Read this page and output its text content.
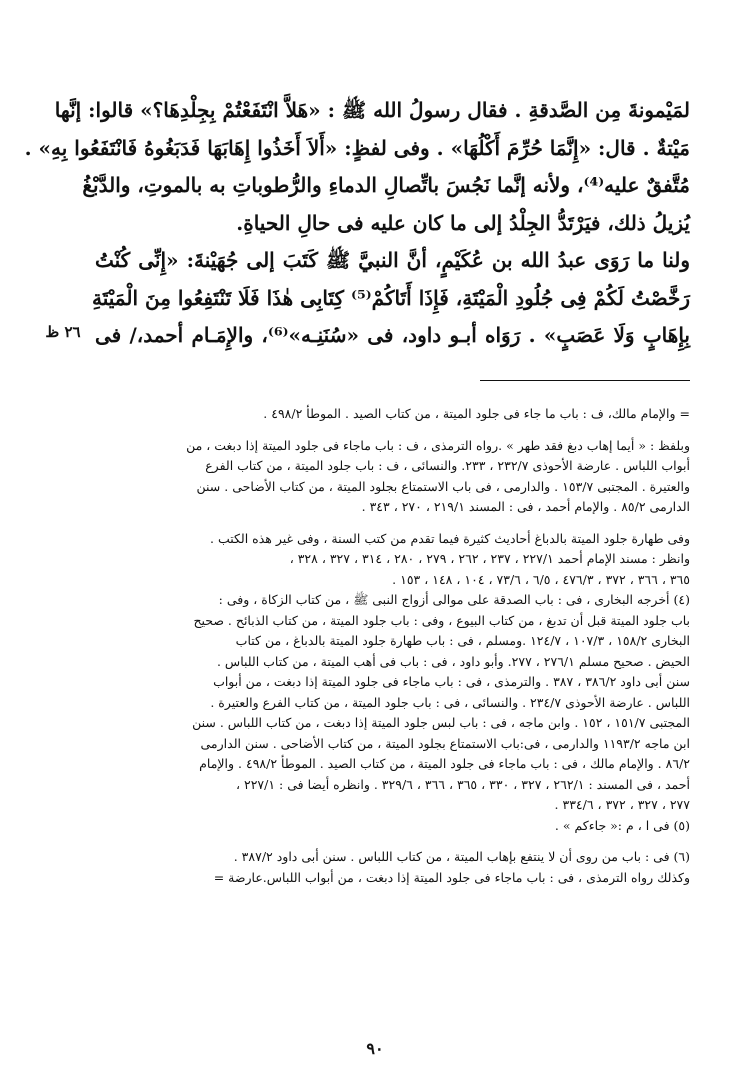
لمَيْمونةَ مِن الصَّدقةِ . فقال رسولُ الله ﷺ : «هَلاَّ انْتَفَعْتُمْ بِجِلْدِهَا؟» قالوا: إنَّها
مَيْتةٌ . قال: «إِنَّمَا حُرِّمَ أَكْلُهَا» . وفى لفظٍ: «أَلاَ أَخَذُوا إِهَابَهَا فَدَبَغُوهُ فَانْتَفَعُوا بِهِ» .
مُتَّفقٌ عليه⁽⁴⁾، ولأنه إنَّما نَجُسَ باتِّصالِ الدماءِ والرُّطوباتِ به بالموتِ، والدَّبْغُ
يُزيلُ ذلك، فيَرْتَدُّ الجِلْدُ إلى ما كان عليه فى حالِ الحياةِ.
ولنا ما رَوَى عبدُ الله بن عُكَيْمٍ، أنَّ النبيَّ ﷺ كَتَبَ إلى جُهَيْنةَ: «إِنِّى كُنْتُ
رَخَّصْتُ لَكُمْ فِى جُلُودِ الْمَيْتَةِ، فَإِذَا أَتَاكُمْ⁽⁵⁾ كِتَابِى هٰذَا فَلَا تَنْتَفِعُوا مِنَ الْمَيْتَةِ
بِإِهَابٍ وَلَا عَصَبٍ» . رَوَاه أبـو داود، فى «سُنَنِـه»⁽⁶⁾، والإِمَـام أحمد،/ فى
٢٦ ظ
= والإمام مالك، ف : باب ما جاء فى جلود الميتة ، من كتاب الصيد . الموطأ ٤٩٨/٢ .
وبلفظ : « أيما إهاب دبغ فقد طهر » .رواه الترمذى ، ف : باب ماجاء فى جلود الميتة إذا دبغت ، من
أبواب اللباس . عارضة الأحوذى ٢٣٢/٧ ، ٢٣٣. والنسائى ، ف : باب جلود الميتة ، من كتاب الفرع
والعتيرة . المجتبى ١٥٣/٧ . والدارمى ، فى باب الاستمتاع بجلود الميتة ، من كتاب الأضاحى . سنن
الدارمى ٨٥/٢ . والإمام أحمد ، فى : المسند ٢١٩/١ ، ٢٧٠ ، ٣٤٣ .
وفى طهارة جلود الميتة بالدباغ أحاديث كثيرة فيما تقدم من كتب السنة ، وفى غير هذه الكتب .
وانظر : مسند الإمام أحمد ٢٢٧/١ ، ٢٣٧ ، ٢٦٢ ، ٢٧٩ ، ٢٨٠ ، ٣١٤ ، ٣٢٧ ، ٣٢٨ ،
٣٦٥ ، ٣٦٦ ، ٣٧٢ ، ٤٧٦/٣ ، ٦/٥ ، ٧٣/٦ ، ١٠٤ ، ١٤٨ ، ١٥٣ .
(٤) أخرجه البخارى ، فى : باب الصدقة على موالى أزواج النبى ﷺ ، من كتاب الزكاة ، وفى :
باب جلود الميتة قبل أن تدبغ ، من كتاب البيوع ، وفى : باب جلود الميتة ، من كتاب الذبائح . صحيح
البخارى ١٥٨/٢ ، ١٠٧/٣ ، ١٢٤/٧ .ومسلم ، فى : باب طهارة جلود الميتة بالدباغ ، من كتاب
الحيض . صحيح مسلم ٢٧٦/١ ، ٢٧٧. وأبو داود ، فى : باب فى أهب الميتة ، من كتاب اللباس .
سنن أبى داود ٣٨٦/٢ ، ٣٨٧ . والترمذى ، فى : باب ماجاء فى جلود الميتة إذا دبغت ، من أبواب
اللباس . عارضة الأحوذى ٢٣٤/٧ . والنسائى ، فى : باب جلود الميتة ، من كتاب الفرع والعتيرة .
المجتبى ١٥١/٧ ، ١٥٢ . وابن ماجه ، فى : باب لبس جلود الميتة إذا دبغت ، من كتاب اللباس . سنن
ابن ماجه ١١٩٣/٢ والدارمى ، فى:باب الاستمتاع بجلود الميتة ، من كتاب الأضاحى . سنن الدارمى
٨٦/٢ . والإمام مالك ، فى : باب ماجاء فى جلود الميتة ، من كتاب الصيد . الموطأ ٤٩٨/٢ . والإمام
أحمد ، فى المسند : ٢٦٢/١ ، ٣٢٧ ، ٣٣٠ ، ٣٦٥ ، ٣٦٦ ، ٣٢٩/٦ . وانظره أيضا فى : ٢٢٧/١ ،
٢٧٧ ، ٣٢٧ ، ٣٧٢ ، ٣٣٤/٦ .
(٥) فى ا ، م :« جاءكم » .
(٦) فى : باب من روى أن لا ينتفع بإهاب الميتة ، من كتاب اللباس . سنن أبى داود ٣٨٧/٢ .
وكذلك رواه الترمذى ، فى : باب ماجاء فى جلود الميتة إذا دبغت ، من أبواب اللباس.عارضة =
٩٠
